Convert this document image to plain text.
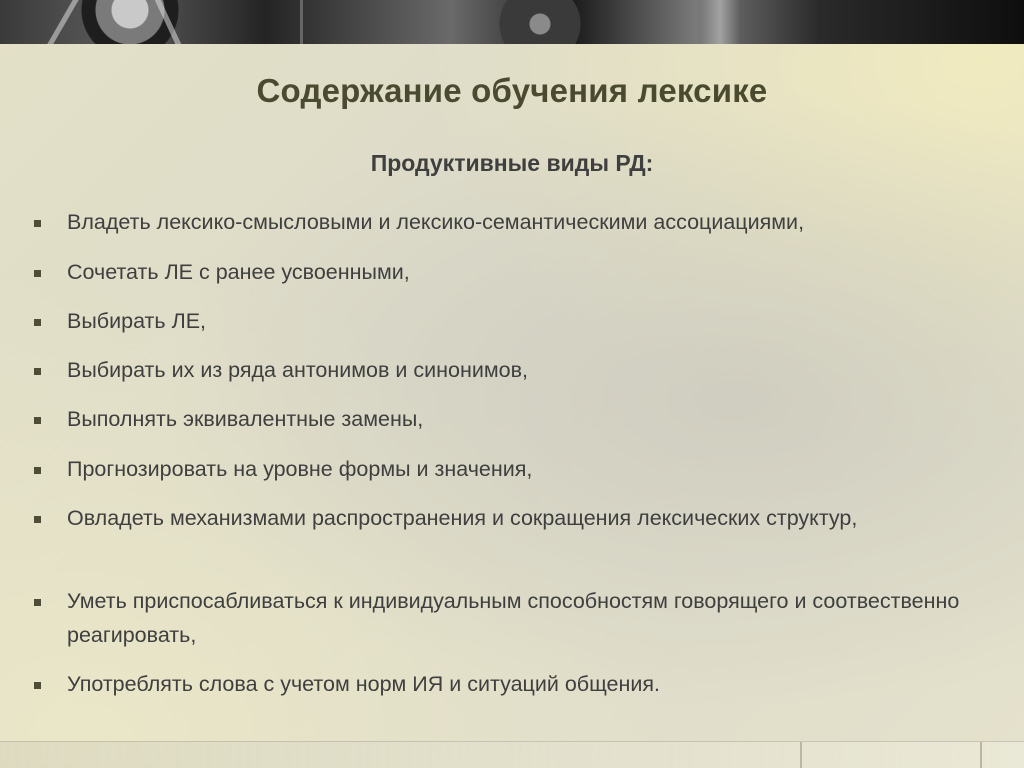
Содержание обучения лексике
Продуктивные виды РД:
Владеть лексико-смысловыми и лексико-семантическими ассоциациями,
Сочетать ЛЕ с ранее усвоенными,
Выбирать ЛЕ,
Выбирать их из ряда антонимов и синонимов,
Выполнять эквивалентные замены,
Прогнозировать на уровне формы и значения,
Овладеть механизмами распространения и сокращения лексических структур,
Уметь приспосабливаться к индивидуальным способностям говорящего и соотвественно реагировать,
Употреблять слова с учетом норм ИЯ и ситуаций общения.
